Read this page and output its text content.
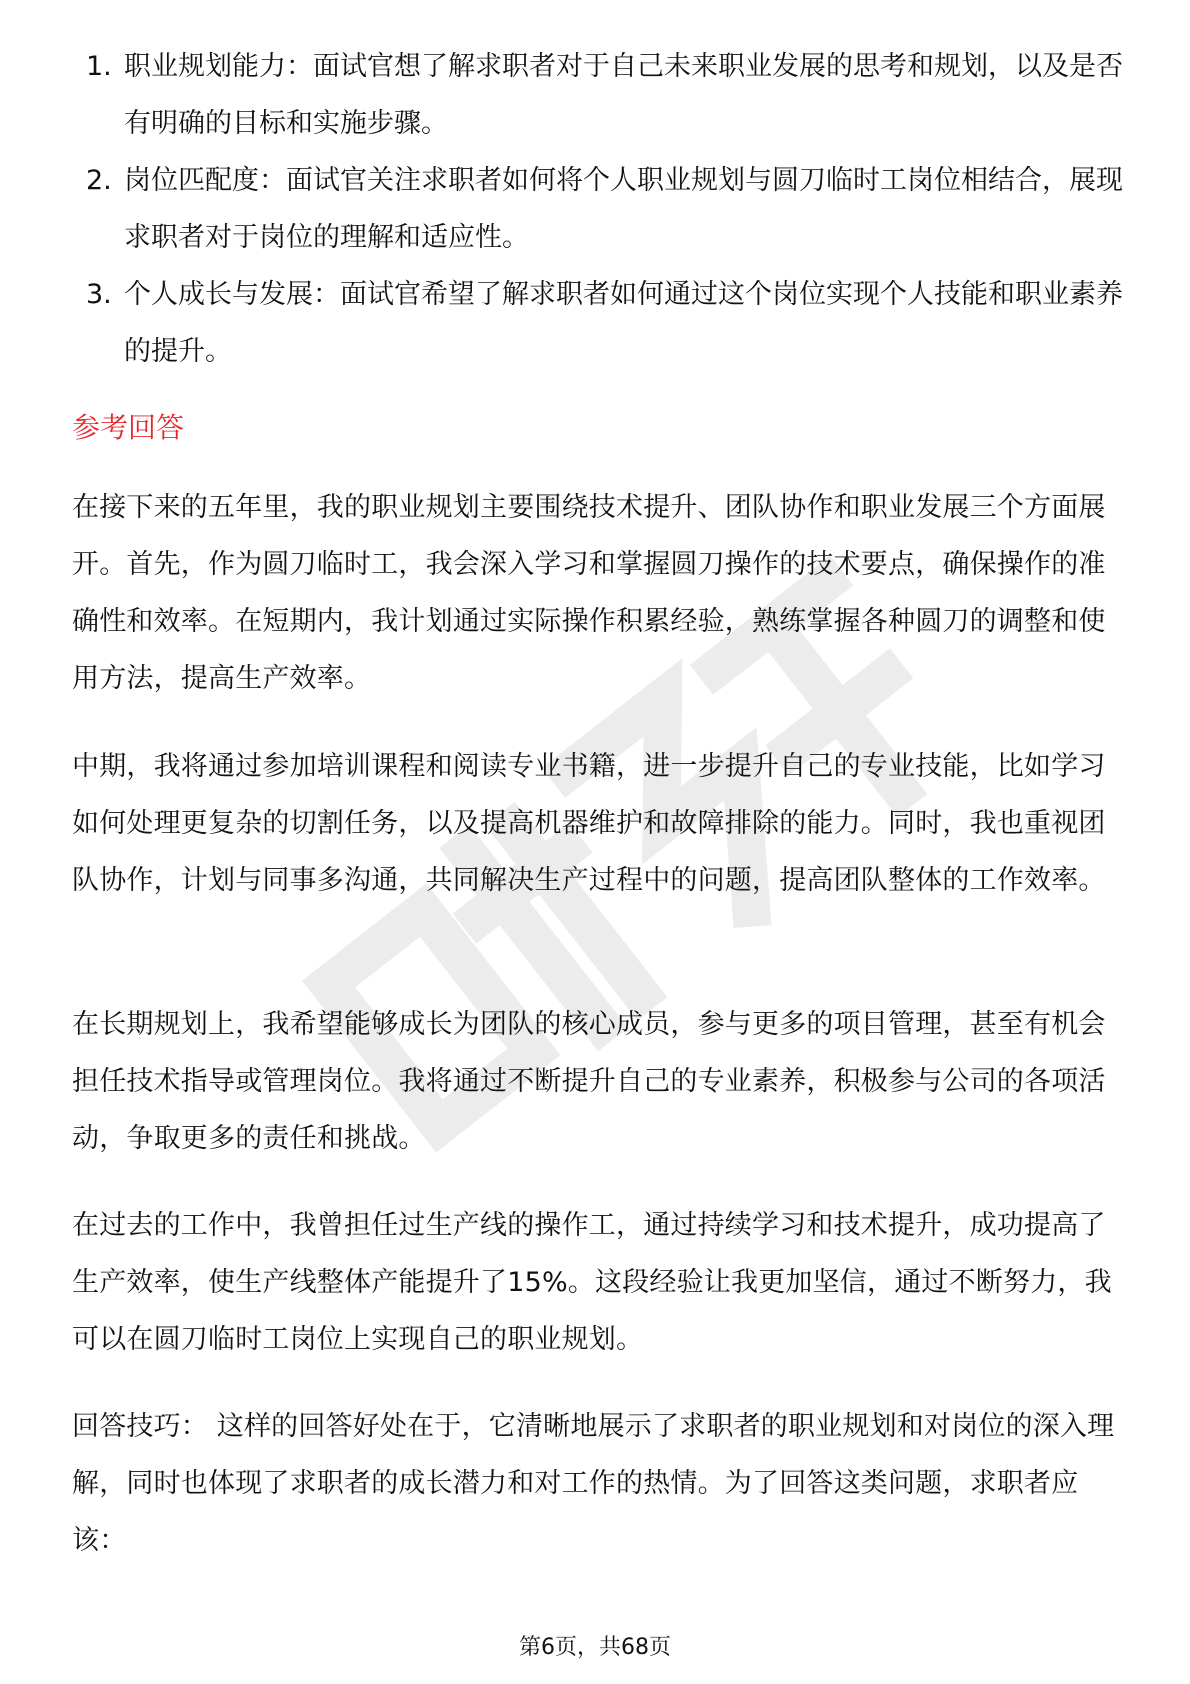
1. 职业规划能力：面试官想了解求职者对于自己未来职业发展的思考和规划，以及是否有明确的目标和实施步骤。
2. 岗位匹配度：面试官关注求职者如何将个人职业规划与圆刀临时工岗位相结合，展现求职者对于岗位的理解和适应性。
3. 个人成长与发展：面试官希望了解求职者如何通过这个岗位实现个人技能和职业素养的提升。
参考回答

在接下来的五年里，我的职业规划主要围绕技术提升、团队协作和职业发展三个方面展开。首先，作为圆刀临时工，我会深入学习和掌握圆刀操作的技术要点，确保操作的准确性和效率。在短期内，我计划通过实际操作积累经验，熟练掌握各种圆刀的调整和使用方法，提高生产效率。

中期，我将通过参加培训课程和阅读专业书籍，进一步提升自己的专业技能，比如学习如何处理更复杂的切割任务，以及提高机器维护和故障排除的能力。同时，我也重视团队协作，计划与同事多沟通，共同解决生产过程中的问题，提高团队整体的工作效率。

在长期规划上，我希望能够成长为团队的核心成员，参与更多的项目管理，甚至有机会担任技术指导或管理岗位。我将通过不断提升自己的专业素养，积极参与公司的各项活动，争取更多的责任和挑战。

在过去的工作中，我曾担任过生产线的操作工，通过持续学习和技术提升，成功提高了生产效率，使生产线整体产能提升了15%。这段经验让我更加坚信，通过不断努力，我可以在圆刀临时工岗位上实现自己的职业规划。

回答技巧： 这样的回答好处在于，它清晰地展示了求职者的职业规划和对岗位的深入理解，同时也体现了求职者的成长潜力和对工作的热情。为了回答这类问题，求职者应该：

第6页，共68页
